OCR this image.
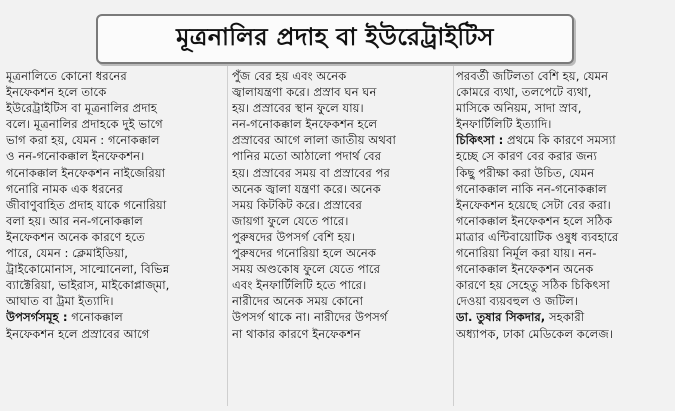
মূত্রনালির প্রদাহ বা ইউরেট্রাইটিস
মূত্রনালিতে কোনো ধরনের
ইনফেকশন হলে তাকে
ইউরেট্রাইটিস বা মূত্রনালির প্রদাহ
বলে। মূত্রনালির প্রদাহকে দুই ভাগে
ভাগ করা হয়, যেমন : গনোকক্কাল
ও নন-গনোকক্কাল ইনফেকশন।
গনোকক্কাল ইনফেকশন নাইজেরিয়া
গনোরি নামক এক ধরনের
জীবাণুবাহিত প্রদাহ যাকে গনোরিয়া
বলা হয়। আর নন-গনোকক্কাল
ইনফেকশন অনেক কারণে হতে
পারে, যেমন : ক্লেমাইডিয়া,
ট্রাইকোমোনাস, সাল্মোনেলা, বিভিন্ন
ব্যাক্টেরিয়া, ভাইরাস, মাইকোপ্লাজ্মা,
আঘাত বা ট্রমা ইত্যাদি।
উপসর্গসমূহ : গনোকক্কাল
ইনফেকশন হলে প্রস্রাবের আগে
পুঁজ বের হয় এবং অনেক
জ্বালাযন্ত্রণা করে। প্রস্রাব ঘন ঘন
হয়। প্রস্রাবের স্থান ফুলে যায়।
নন-গনোকক্কাল ইনফেকশন হলে
প্রস্রাবের আগে লালা জাতীয় অথবা
পানির মতো আঠালো পদার্থ বের
হয়। প্রস্রাবের সময় বা প্রস্রাবের পর
অনেক জ্বালা যন্ত্রণা করে। অনেক
সময় কিটকিট করে। প্রস্রাবের
জায়গা ফুলে যেতে পারে।
পুরুষদের উপসর্গ বেশি হয়।
পুরুষদের গনোরিয়া হলে অনেক
সময় অণ্ডকোষ ফুলে যেতে পারে
এবং ইনফার্টিলিটি হতে পারে।
নারীদের অনেক সময় কোনো
উপসর্গ থাকে না। নারীদের উপসর্গ
না থাকার কারণে ইনফেকশন
পরবর্তী জটিলতা বেশি হয়, যেমন
কোমরে ব্যথা, তলপেটে ব্যথা,
মাসিকে অনিয়ম, সাদা স্রাব,
ইনফার্টিলিটি ইত্যাদি।
চিকিৎসা : প্রথমে কি কারণে সমস্যা
হচ্ছে সে কারণ বের করার জন্য
কিছু পরীক্ষা করা উচিত, যেমন
গনোকক্কাল নাকি নন-গনোকক্কাল
ইনফেকশন হয়েছে সেটা বের করা।
গনোকক্কাল ইনফেকশন হলে সঠিক
মাত্রার এন্টিবায়োটিক ওষুধ ব্যবহারে
গনোরিয়া নির্মূল করা যায়। নন-
গনোকক্কাল ইনফেকশন অনেক
কারণে হয় সেহেতু সঠিক চিকিৎসা
দেওয়া ব্যয়বহুল ও জটিল।
ডা. তুষার সিকদার, সহকারী
অধ্যাপক, ঢাকা মেডিকেল কলেজ।
